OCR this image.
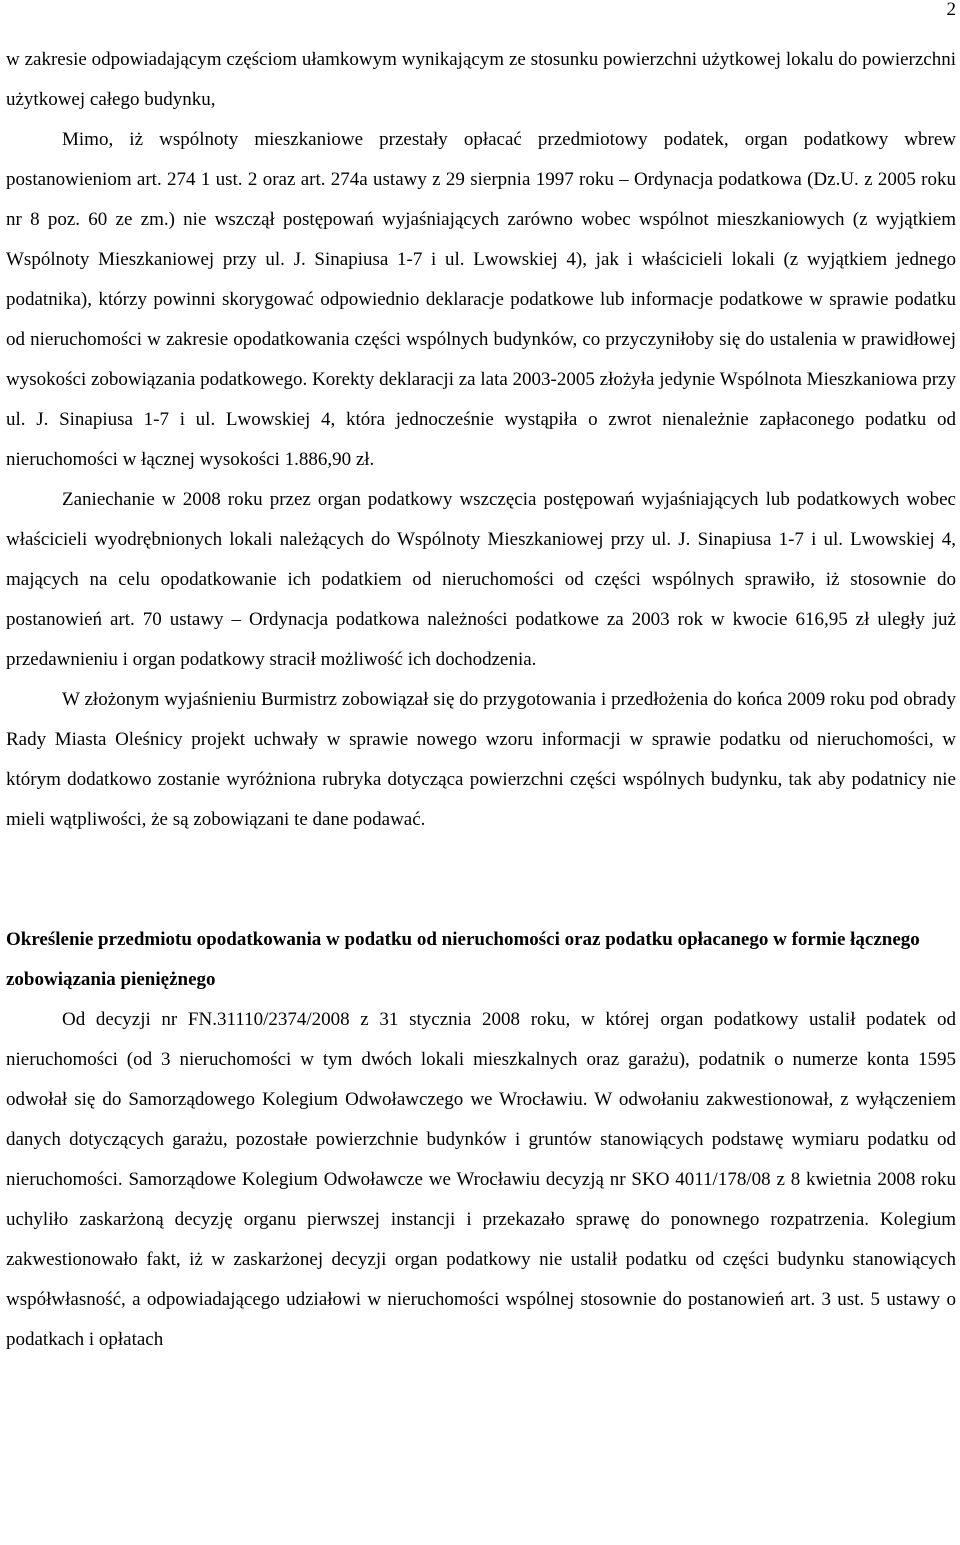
2

w zakresie odpowiadającym częściom ułamkowym wynikającym ze stosunku powierzchni użytkowej lokalu do powierzchni użytkowej całego budynku,

Mimo, iż wspólnoty mieszkaniowe przestały opłacać przedmiotowy podatek, organ podatkowy wbrew postanowieniom art. 274 1 ust. 2 oraz art. 274a ustawy z 29 sierpnia 1997 roku – Ordynacja podatkowa (Dz.U. z 2005 roku nr 8 poz. 60 ze zm.) nie wszczął postępowań wyjaśniających zarówno wobec wspólnot mieszkaniowych (z wyjątkiem Wspólnoty Mieszkaniowej przy ul. J. Sinapiusa 1-7 i ul. Lwowskiej 4), jak i właścicieli lokali (z wyjątkiem jednego podatnika), którzy powinni skorygować odpowiednio deklaracje podatkowe lub informacje podatkowe w sprawie podatku od nieruchomości w zakresie opodatkowania części wspólnych budynków, co przyczyniłoby się do ustalenia w prawidłowej wysokości zobowiązania podatkowego. Korekty deklaracji za lata 2003-2005 złożyła jedynie Wspólnota Mieszkaniowa przy ul. J. Sinapiusa 1-7 i ul. Lwowskiej 4, która jednocześnie wystąpiła o zwrot nienależnie zapłaconego podatku od nieruchomości w łącznej wysokości 1.886,90 zł.

Zaniechanie w 2008 roku przez organ podatkowy wszczęcia postępowań wyjaśniających lub podatkowych wobec właścicieli wyodrębnionych lokali należących do Wspólnoty Mieszkaniowej przy ul. J. Sinapiusa 1-7 i ul. Lwowskiej 4, mających na celu opodatkowanie ich podatkiem od nieruchomości od części wspólnych sprawiło, iż stosownie do postanowień art. 70 ustawy – Ordynacja podatkowa należności podatkowe za 2003 rok w kwocie 616,95 zł uległy już przedawnieniu i organ podatkowy stracił możliwość ich dochodzenia.

W złożonym wyjaśnieniu Burmistrz zobowiązał się do przygotowania i przedłożenia do końca 2009 roku pod obrady Rady Miasta Oleśnicy projekt uchwały w sprawie nowego wzoru informacji w sprawie podatku od nieruchomości, w którym dodatkowo zostanie wyróżniona rubryka dotycząca powierzchni części wspólnych budynku, tak aby podatnicy nie mieli wątpliwości, że są zobowiązani te dane podawać.

Określenie przedmiotu opodatkowania w podatku od nieruchomości oraz podatku opłacanego w formie łącznego zobowiązania pieniężnego

Od decyzji nr FN.31110/2374/2008 z 31 stycznia 2008 roku, w której organ podatkowy ustalił podatek od nieruchomości (od 3 nieruchomości w tym dwóch lokali mieszkalnych oraz garażu), podatnik o numerze konta 1595 odwołał się do Samorządowego Kolegium Odwoławczego we Wrocławiu. W odwołaniu zakwestionował, z wyłączeniem danych dotyczących garażu, pozostałe powierzchnie budynków i gruntów stanowiących podstawę wymiaru podatku od nieruchomości. Samorządowe Kolegium Odwoławcze we Wrocławiu decyzją nr SKO 4011/178/08 z 8 kwietnia 2008 roku uchyliło zaskarżoną decyzję organu pierwszej instancji i przekazało sprawę do ponownego rozpatrzenia. Kolegium zakwestionowało fakt, iż w zaskarżonej decyzji organ podatkowy nie ustalił podatku od części budynku stanowiących współwłasność, a odpowiadającego udziałowi w nieruchomości wspólnej stosownie do postanowień art. 3 ust. 5 ustawy o podatkach i opłatach
